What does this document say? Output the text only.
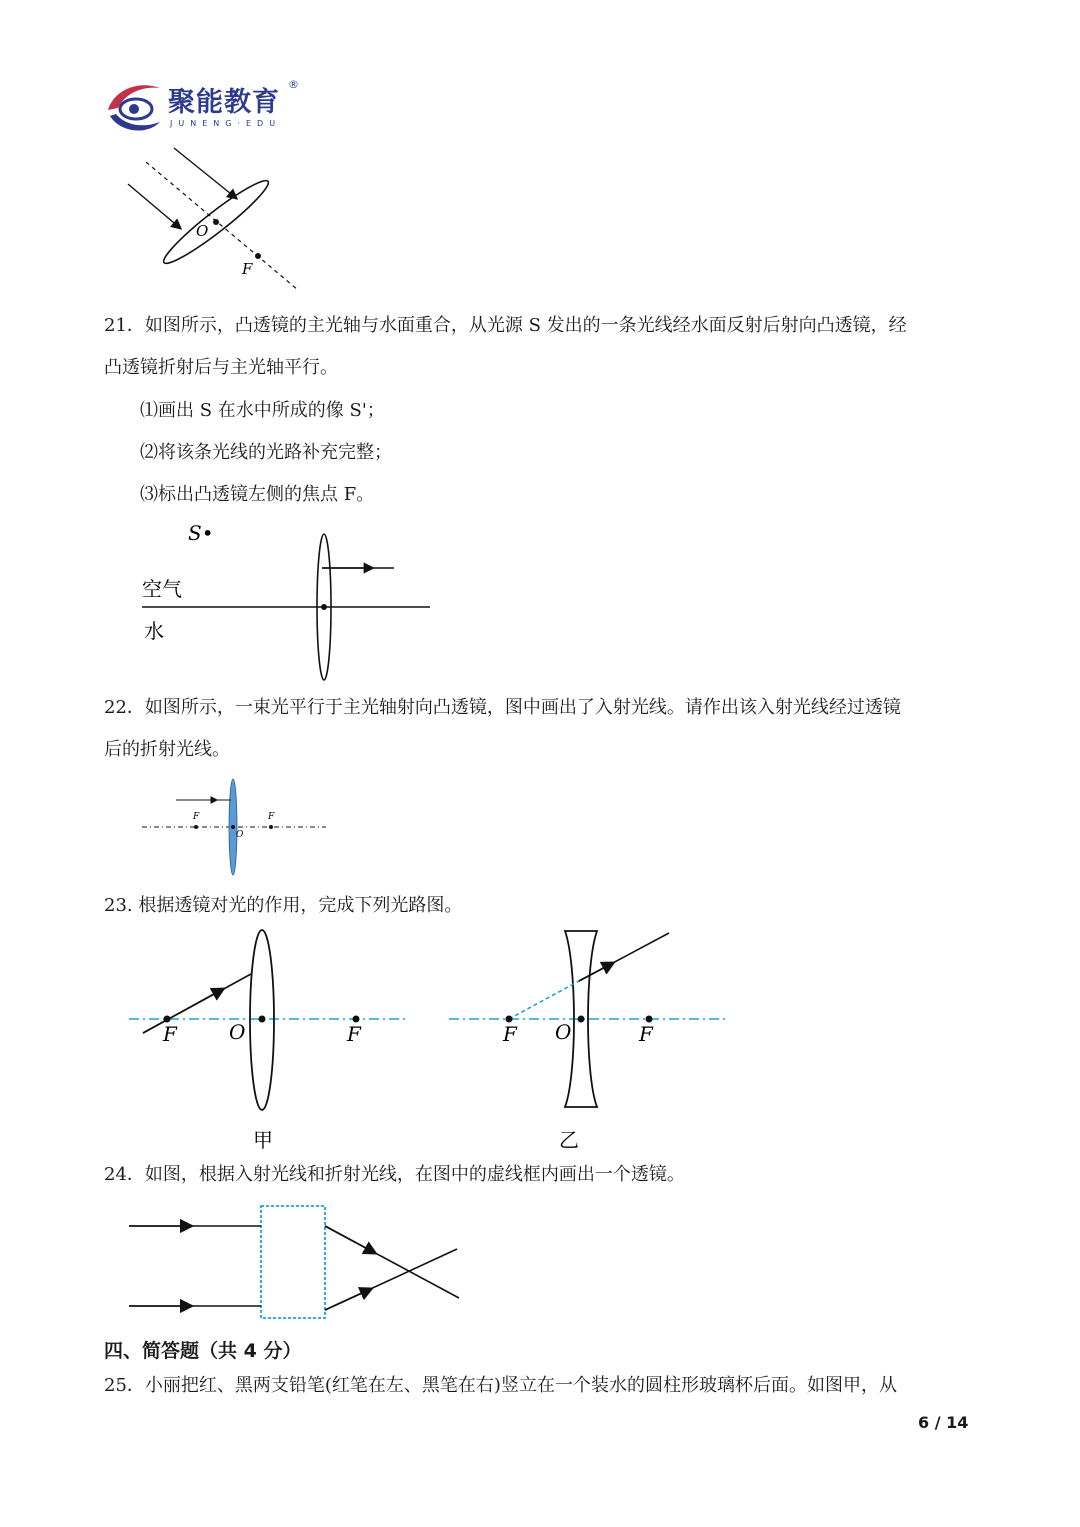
聚能教育
®
JUNENG·EDU
O
F
21．如图所示，凸透镜的主光轴与水面重合，从光源 S 发出的一条光线经水面反射后射向凸透镜，经
凸透镜折射后与主光轴平行。
⑴画出 S 在水中所成的像 S'；
⑵将该条光线的光路补充完整；
⑶标出凸透镜左侧的焦点 F。
S•
空气
水
22．如图所示，一束光平行于主光轴射向凸透镜，图中画出了入射光线。请作出该入射光线经过透镜
后的折射光线。
F
O
F
23. 根据透镜对光的作用，完成下列光路图。
F	O	F
甲
F O	F
乙
24．如图，根据入射光线和折射光线，在图中的虚线框内画出一个透镜。
四、简答题（共 4 分）
25．小丽把红、黑两支铅笔(红笔在左、黑笔在右)竖立在一个装水的圆柱形玻璃杯后面。如图甲，从
6 / 14
